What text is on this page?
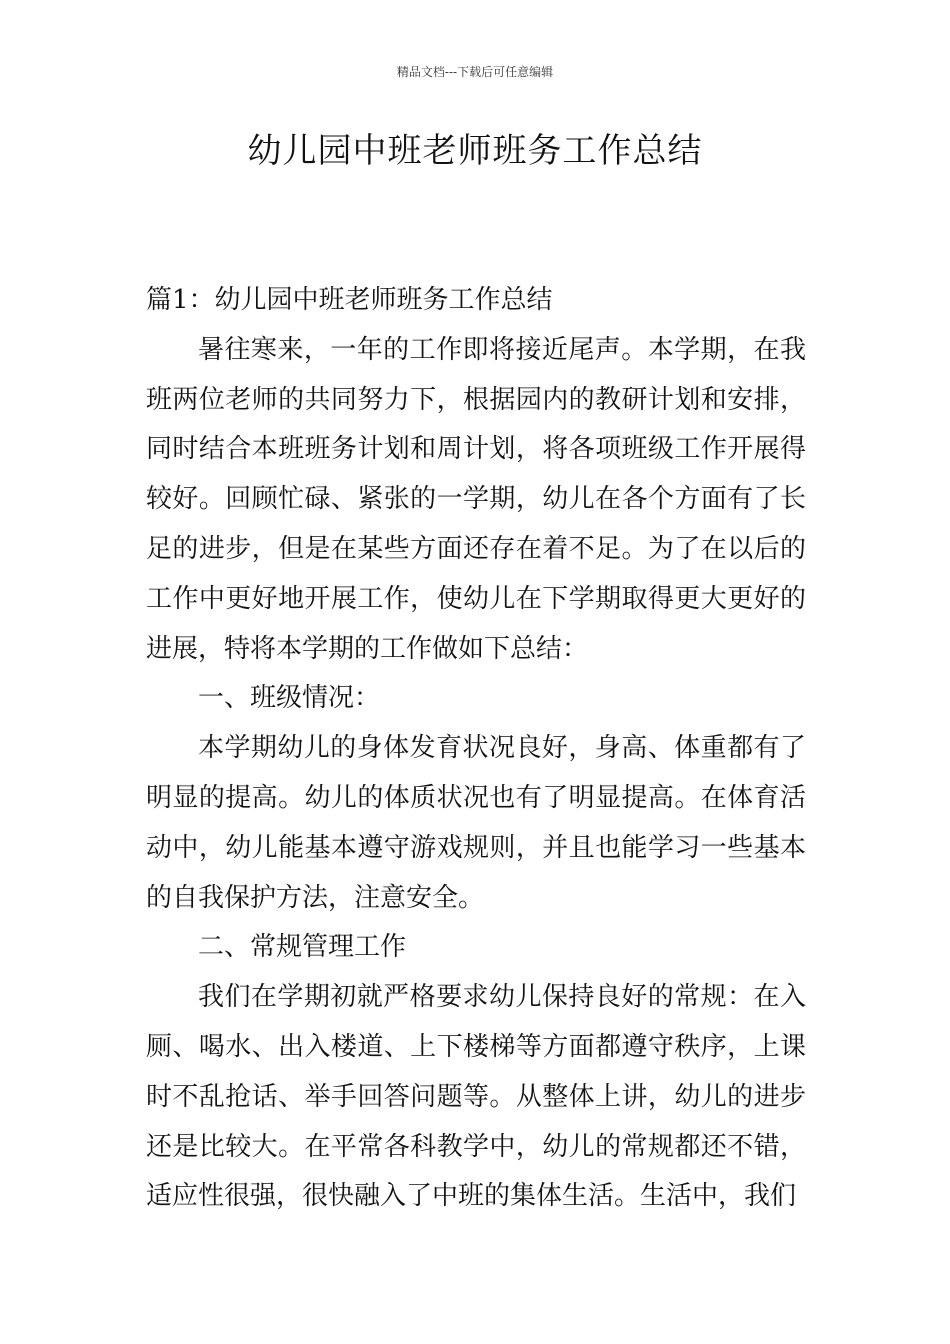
精品文档---下载后可任意编辑
幼儿园中班老师班务工作总结

篇1：幼儿园中班老师班务工作总结

暑往寒来，一年的工作即将接近尾声。本学期，在我班两位老师的共同努力下，根据园内的教研计划和安排，同时结合本班班务计划和周计划，将各项班级工作开展得较好。回顾忙碌、紧张的一学期，幼儿在各个方面有了长足的进步，但是在某些方面还存在着不足。为了在以后的工作中更好地开展工作，使幼儿在下学期取得更大更好的进展，特将本学期的工作做如下总结：

一、班级情况：

本学期幼儿的身体发育状况良好，身高、体重都有了明显的提高。幼儿的体质状况也有了明显提高。在体育活动中，幼儿能基本遵守游戏规则，并且也能学习一些基本的自我保护方法，注意安全。

二、常规管理工作

我们在学期初就严格要求幼儿保持良好的常规：在入厕、喝水、出入楼道、上下楼梯等方面都遵守秩序，上课时不乱抢话、举手回答问题等。从整体上讲，幼儿的进步还是比较大。在平常各科教学中，幼儿的常规都还不错，适应性很强，很快融入了中班的集体生活。生活中，我们
